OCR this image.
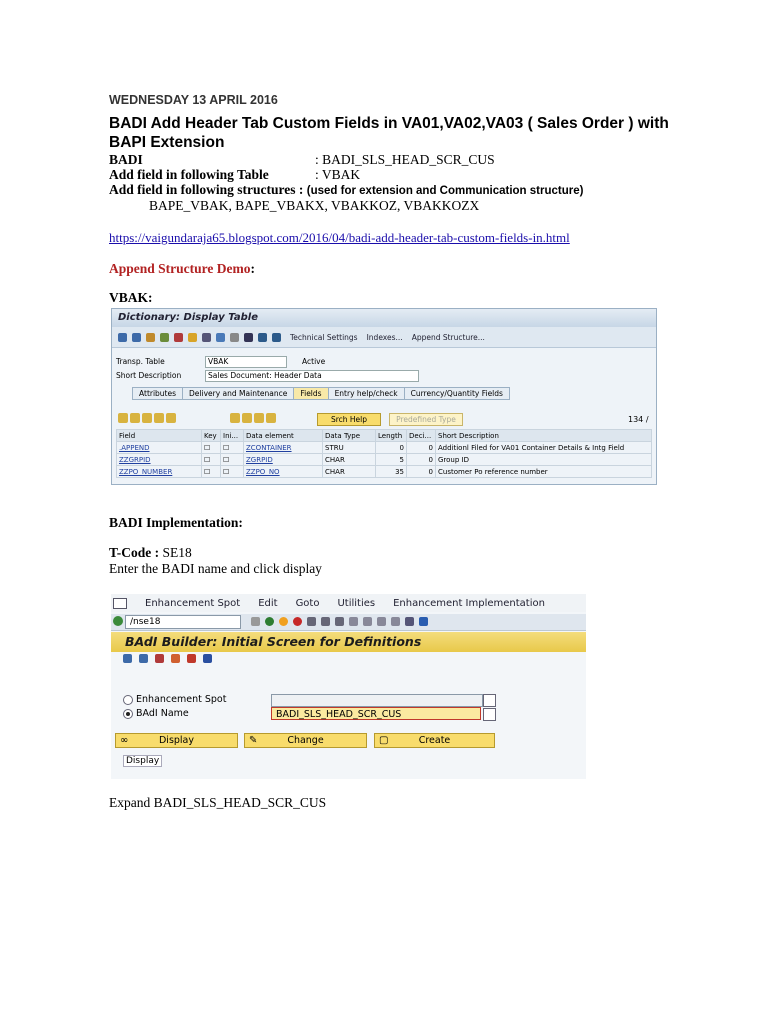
WEDNESDAY 13 APRIL 2016
BADI Add Header Tab Custom Fields in VA01,VA02,VA03 ( Sales Order ) with BAPI Extension
BADI	: BADI_SLS_HEAD_SCR_CUS
Add field in following Table	: VBAK
Add field in following structures : (used for extension and Communication structure)
BAPE_VBAK, BAPE_VBAKX, VBAKKOZ, VBAKKOZX
https://vaigundaraja65.blogspot.com/2016/04/badi-add-header-tab-custom-fields-in.html
Append Structure Demo:
VBAK:
Dictionary: Display Table
Technical Settings Indexes... Append Structure...
Transp. Table	VBAK	Active
Short Description	Sales Document: Header Data
Attributes	Delivery and Maintenance	Fields	Entry help/check	Currency/Quantity Fields
Srch Help	Predefined Type	134 /
Field	Key	Ini...	Data element	Data Type	Length	Deci...	Short Description
.APPEND	☐	☐	ZCONTAINER	STRU	0	0	Additionl Filed for VA01 Container Details & Intg Field
ZZGRPID	☐	☐	ZGRPID	CHAR	5	0	Group ID
ZZPO_NUMBER	☐	☐	ZZPO_NO	CHAR	35	0	Customer Po reference number
BADI Implementation:
T-Code : SE18
Enter the BADI name and click display
Enhancement Spot Edit Goto Utilities Enhancement Implementation
/nse18
BAdI Builder: Initial Screen for Definitions
Enhancement Spot
BAdI Name	BADI_SLS_HEAD_SCR_CUS
∞	Display	✎	Change	▢	Create
Display
Expand BADI_SLS_HEAD_SCR_CUS
